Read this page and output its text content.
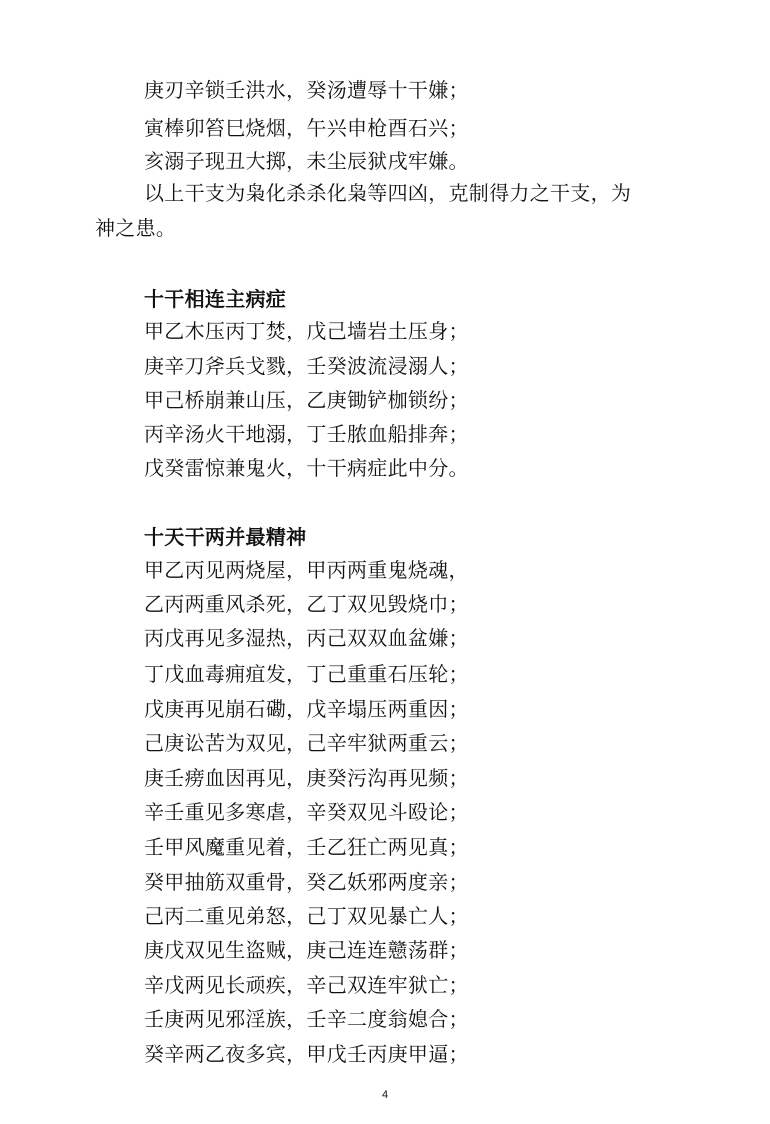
庚刃辛锁壬洪水，癸汤遭辱十干嫌；
寅棒卯笞巳烧烟，午兴申枪酉石兴；
亥溺子现丑大掷，未尘辰狱戌牢嫌。
以上干支为枭化杀杀化枭等四凶，克制得力之干支，为
神之患。
十干相连主病症
甲乙木压丙丁焚，戊己墙岩土压身；
庚辛刀斧兵戈戮，壬癸波流浸溺人；
甲己桥崩兼山压，乙庚锄铲枷锁纷；
丙辛汤火干地溺，丁壬脓血船排奔；
戊癸雷惊兼鬼火，十干病症此中分。
十天干两并最精神
甲乙丙见两烧屋，甲丙两重鬼烧魂，
乙丙两重风杀死，乙丁双见毁烧巾；
丙戊再见多湿热，丙己双双血盆嫌；
丁戊血毒痈疽发，丁己重重石压轮；
戊庚再见崩石磡，戊辛塌压两重因；
己庚讼苦为双见，己辛牢狱两重云；
庚壬痨血因再见，庚癸污沟再见频；
辛壬重见多寒虐，辛癸双见斗殴论；
壬甲风魔重见着，壬乙狂亡两见真；
癸甲抽筋双重骨，癸乙妖邪两度亲；
己丙二重见弟怒，己丁双见暴亡人；
庚戊双见生盗贼，庚己连连戆荡群；
辛戊两见长顽疾，辛己双连牢狱亡；
壬庚两见邪淫族，壬辛二度翁媳合；
癸辛两乙夜多宾，甲戊壬丙庚甲逼；
4
